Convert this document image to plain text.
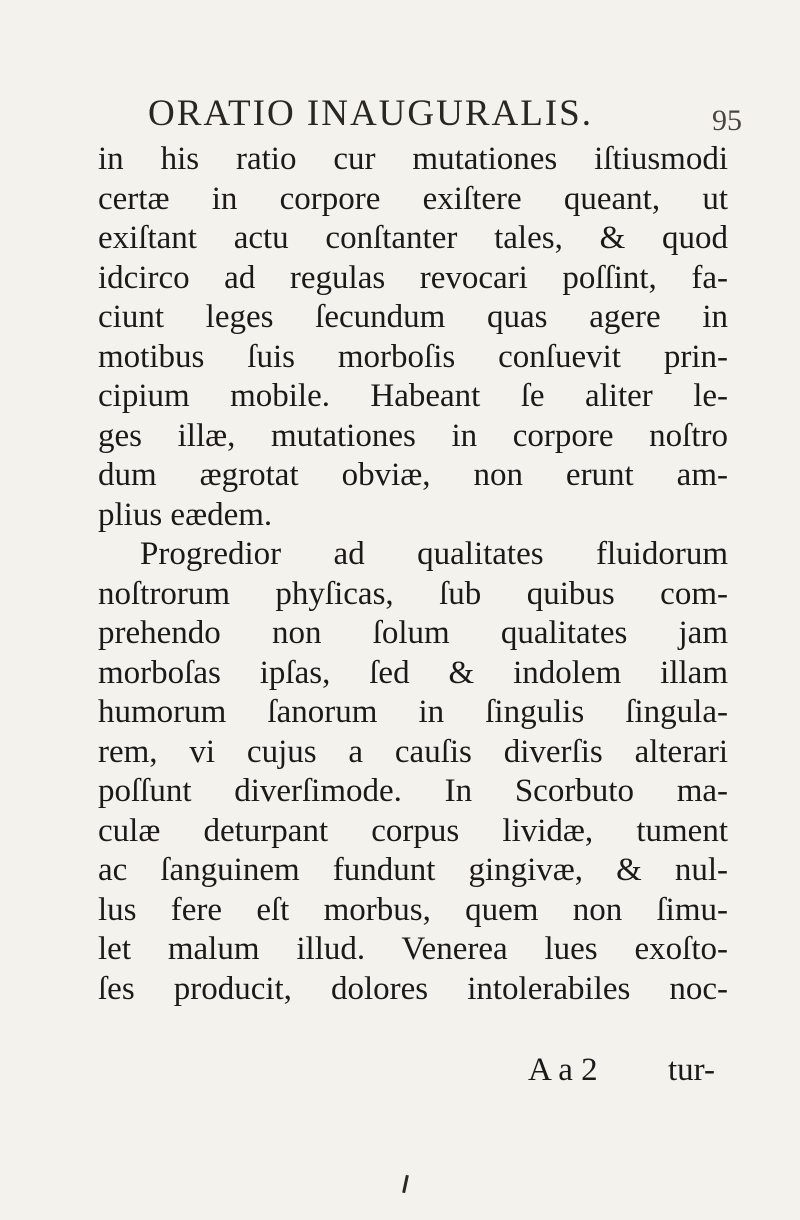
ORATIO INAUGURALIS.	95
in his ratio cur mutationes iſtiusmodi
certæ in corpore exiſtere queant, ut
exiſtant actu conſtanter tales, & quod
idcirco ad regulas revocari poſſint, fa-
ciunt leges ſecundum quas agere in
motibus ſuis morboſis conſuevit prin-
cipium mobile. Habeant ſe aliter le-
ges illæ, mutationes in corpore noſtro
dum ægrotat obviæ, non erunt am-
plius eædem.
Progredior ad qualitates fluidorum
noſtrorum phyſicas, ſub quibus com-
prehendo non ſolum qualitates jam
morboſas ipſas, ſed & indolem illam
humorum ſanorum in ſingulis ſingula-
rem, vi cujus a cauſis diverſis alterari
poſſunt diverſimode. In Scorbuto ma-
culæ deturpant corpus lividæ, tument
ac ſanguinem fundunt gingivæ, & nul-
lus fere eſt morbus, quem non ſimu-
let malum illud. Venerea lues exoſto-
ſes producit, dolores intolerabiles noc-
A a 2 tur-
